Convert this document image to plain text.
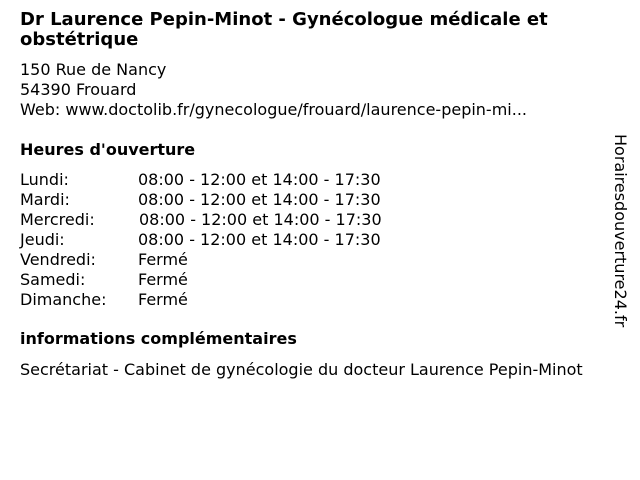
Dr Laurence Pepin-Minot - Gynécologue médicale et obstétrique
150 Rue de Nancy
54390 Frouard
Web: www.doctolib.fr/gynecologue/frouard/laurence-pepin-mi...
Heures d'ouverture
Lundi:	08:00 - 12:00 et 14:00 - 17:30
Mardi:	08:00 - 12:00 et 14:00 - 17:30
Mercredi:	08:00 - 12:00 et 14:00 - 17:30
Jeudi:	08:00 - 12:00 et 14:00 - 17:30
Vendredi:	Fermé
Samedi:	Fermé
Dimanche:	Fermé
informations complémentaires
Secrétariat - Cabinet de gynécologie du docteur Laurence Pepin-Minot
Horairesdouverture24.fr
